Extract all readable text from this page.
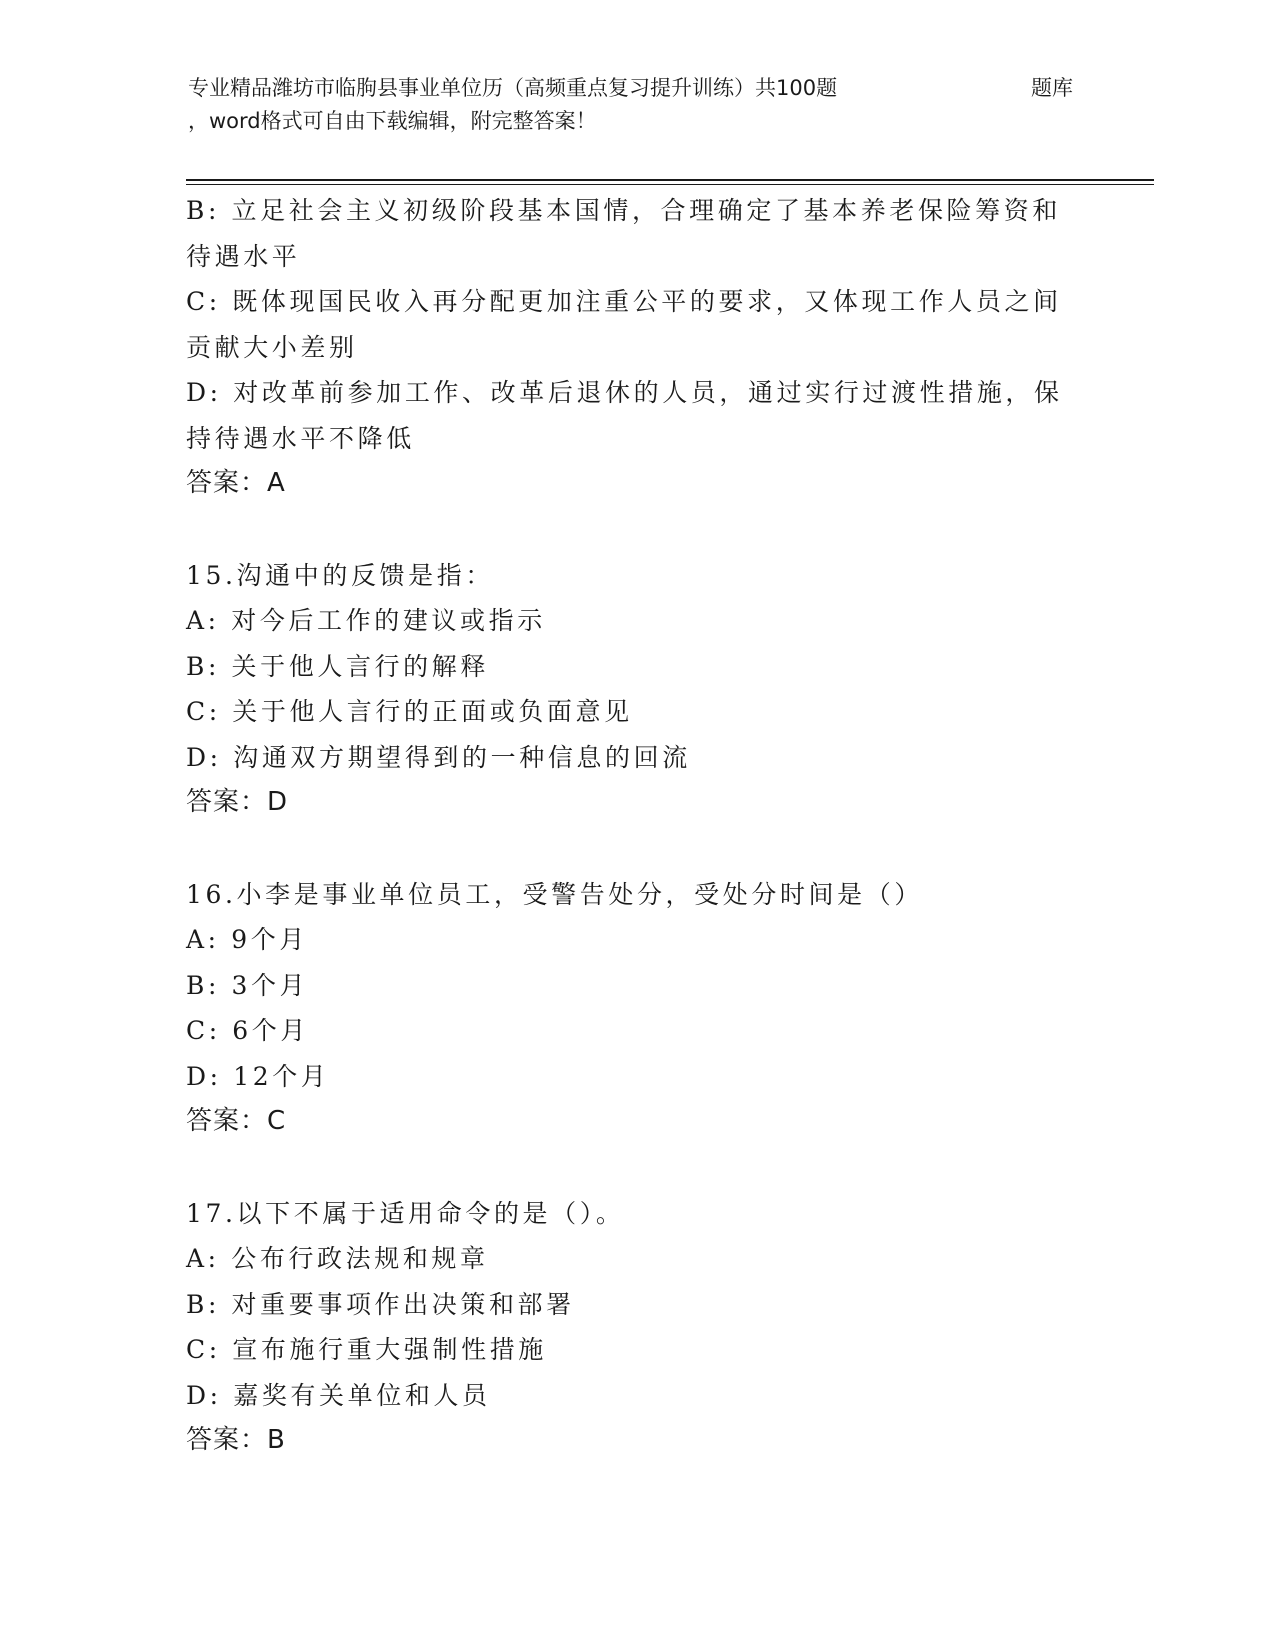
专业精品潍坊市临朐县事业单位历（高频重点复习提升训练）共100题	题库
，word格式可自由下载编辑，附完整答案！
B: 立足社会主义初级阶段基本国情，合理确定了基本养老保险筹资和
待遇水平
C: 既体现国民收入再分配更加注重公平的要求，又体现工作人员之间
贡献大小差别
D: 对改革前参加工作、改革后退休的人员，通过实行过渡性措施，保
持待遇水平不降低
答案：A
15.沟通中的反馈是指：
A: 对今后工作的建议或指示
B: 关于他人言行的解释
C: 关于他人言行的正面或负面意见
D: 沟通双方期望得到的一种信息的回流
答案：D
16.小李是事业单位员工，受警告处分，受处分时间是（）
A: 9个月
B: 3个月
C: 6个月
D: 12个月
答案：C
17.以下不属于适用命令的是（）。
A: 公布行政法规和规章
B: 对重要事项作出决策和部署
C: 宣布施行重大强制性措施
D: 嘉奖有关单位和人员
答案：B
